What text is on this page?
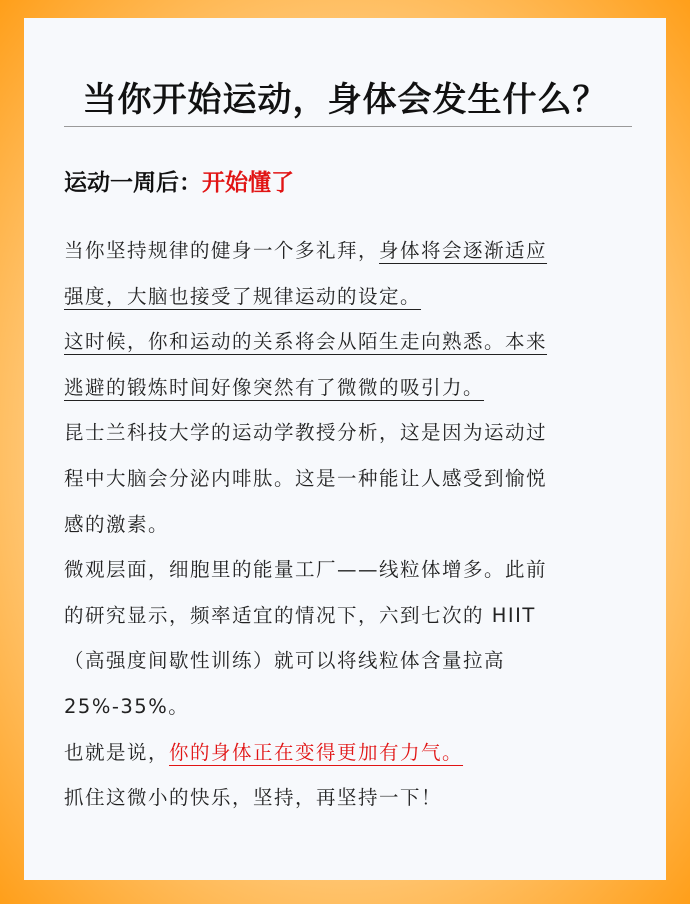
当你开始运动，身体会发生什么？
运动一周后：开始懂了
当你坚持规律的健身一个多礼拜，身体将会逐渐适应
强度，大脑也接受了规律运动的设定。
这时候，你和运动的关系将会从陌生走向熟悉。本来
逃避的锻炼时间好像突然有了微微的吸引力。
昆士兰科技大学的运动学教授分析，这是因为运动过
程中大脑会分泌内啡肽。这是一种能让人感受到愉悦
感的激素。
微观层面，细胞里的能量工厂——线粒体增多。此前
的研究显示，频率适宜的情况下，六到七次的 HIIT
（高强度间歇性训练）就可以将线粒体含量拉高
25%-35%。
也就是说，你的身体正在变得更加有力气。
抓住这微小的快乐，坚持，再坚持一下！
